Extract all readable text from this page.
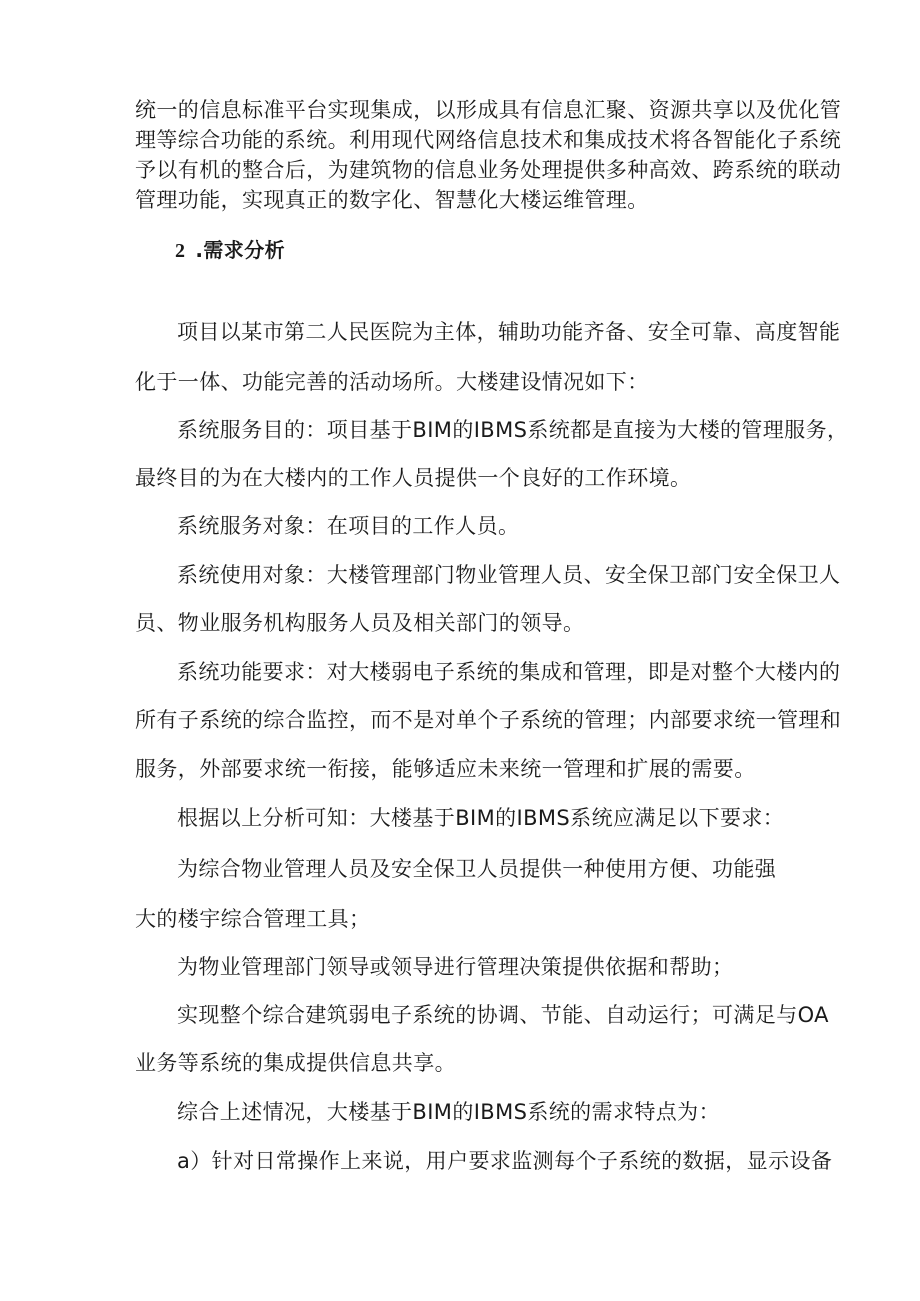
统一的信息标准平台实现集成，以形成具有信息汇聚、资源共享以及优化管
理等综合功能的系统。利用现代网络信息技术和集成技术将各智能化子系统
予以有机的整合后，为建筑物的信息业务处理提供多种高效、跨系统的联动
管理功能，实现真正的数字化、智慧化大楼运维管理。
2 .需求分析
项目以某市第二人民医院为主体，辅助功能齐备、安全可靠、高度智能
化于一体、功能完善的活动场所。大楼建设情况如下：
系统服务目的：项目基于BIM的IBMS系统都是直接为大楼的管理服务，
最终目的为在大楼内的工作人员提供一个良好的工作环境。
系统服务对象：在项目的工作人员。
系统使用对象：大楼管理部门物业管理人员、安全保卫部门安全保卫人
员、物业服务机构服务人员及相关部门的领导。
系统功能要求：对大楼弱电子系统的集成和管理，即是对整个大楼内的
所有子系统的综合监控，而不是对单个子系统的管理；内部要求统一管理和
服务，外部要求统一衔接，能够适应未来统一管理和扩展的需要。
根据以上分析可知：大楼基于BIM的IBMS系统应满足以下要求：
为综合物业管理人员及安全保卫人员提供一种使用方便、功能强
大的楼宇综合管理工具；
为物业管理部门领导或领导进行管理决策提供依据和帮助；
实现整个综合建筑弱电子系统的协调、节能、自动运行；可满足与OA
业务等系统的集成提供信息共享。
综合上述情况，大楼基于BIM的IBMS系统的需求特点为：
a）针对日常操作上来说，用户要求监测每个子系统的数据，显示设备
